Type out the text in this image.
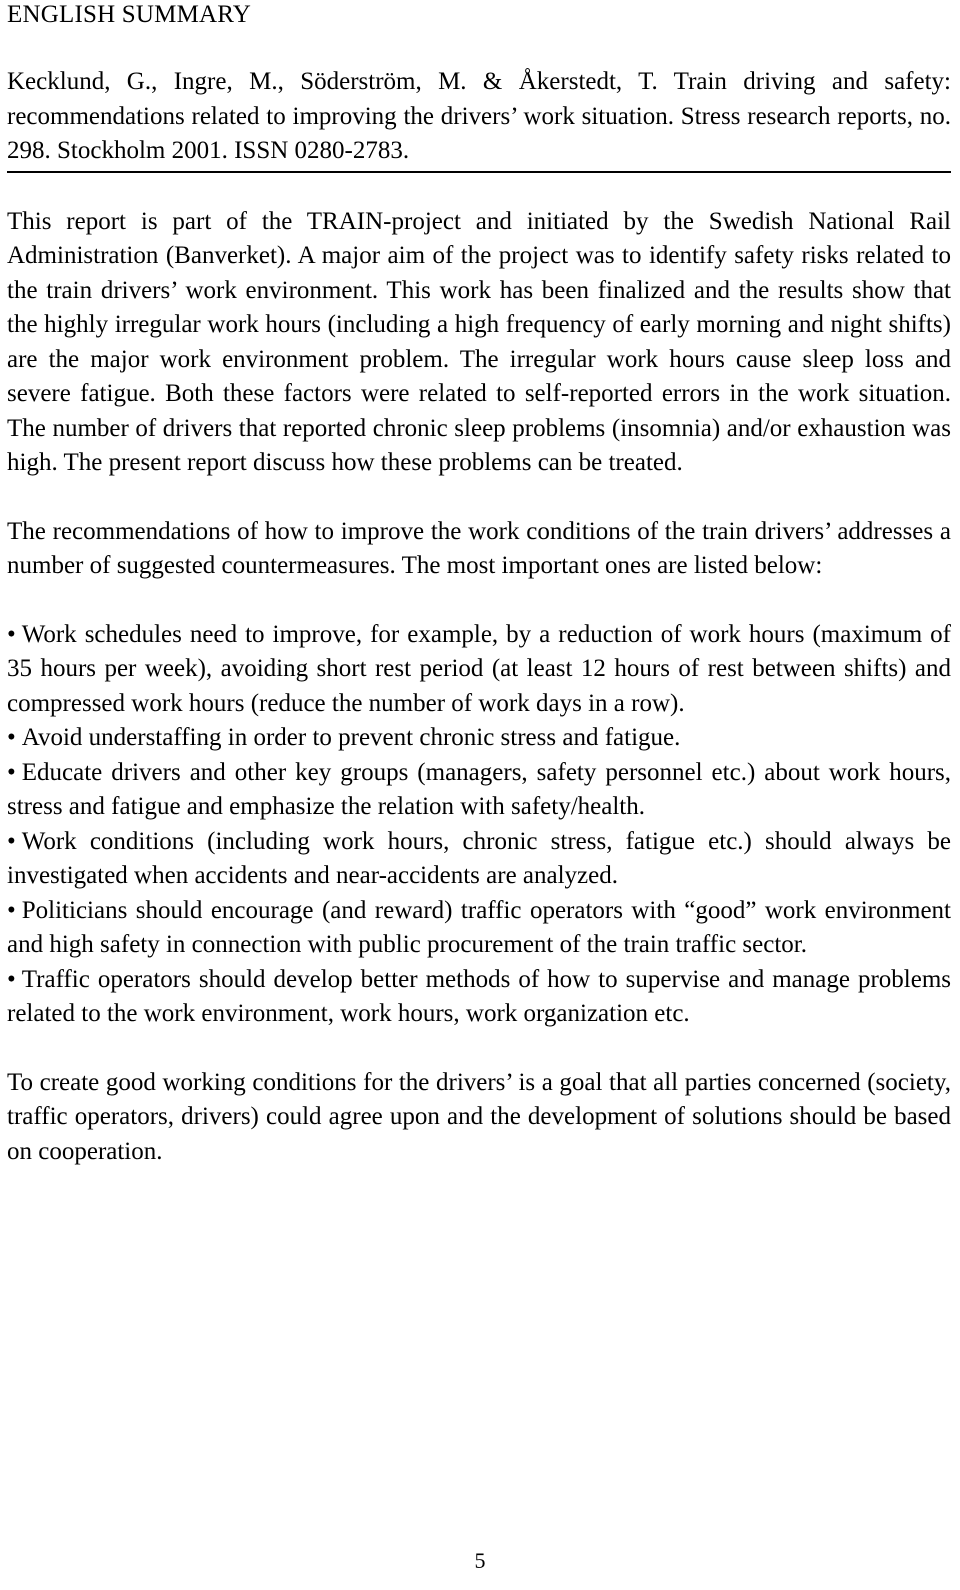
ENGLISH SUMMARY
Kecklund, G., Ingre, M., Söderström, M. & Åkerstedt, T. Train driving and safety: recommendations related to improving the drivers’ work situation. Stress research reports, no. 298. Stockholm 2001. ISSN 0280-2783.

This report is part of the TRAIN-project and initiated by the Swedish National Rail Administration (Banverket). A major aim of the project was to identify safety risks related to the train drivers’ work environment. This work has been finalized and the results show that the highly irregular work hours (including a high frequency of early morning and night shifts) are the major work environment problem. The irregular work hours cause sleep loss and severe fatigue. Both these factors were related to self-reported errors in the work situation. The number of drivers that reported chronic sleep problems (insomnia) and/or exhaustion was high. The present report discuss how these problems can be treated.

The recommendations of how to improve the work conditions of the train drivers’ addresses a number of suggested countermeasures. The most important ones are listed below:

• Work schedules need to improve, for example, by a reduction of work hours (maximum of 35 hours per week), avoiding short rest period (at least 12 hours of rest between shifts) and compressed work hours (reduce the number of work days in a row).

• Avoid understaffing in order to prevent chronic stress and fatigue.

• Educate drivers and other key groups (managers, safety personnel etc.) about work hours, stress and fatigue and emphasize the relation with safety/health.

• Work conditions (including work hours, chronic stress, fatigue etc.) should always be investigated when accidents and near-accidents are analyzed.

• Politicians should encourage (and reward) traffic operators with “good” work environment and high safety in connection with public procurement of the train traffic sector.

• Traffic operators should develop better methods of how to supervise and manage problems related to the work environment, work hours, work organization etc.

To create good working conditions for the drivers’ is a goal that all parties concerned (society, traffic operators, drivers) could agree upon and the development of solutions should be based on cooperation.

5
